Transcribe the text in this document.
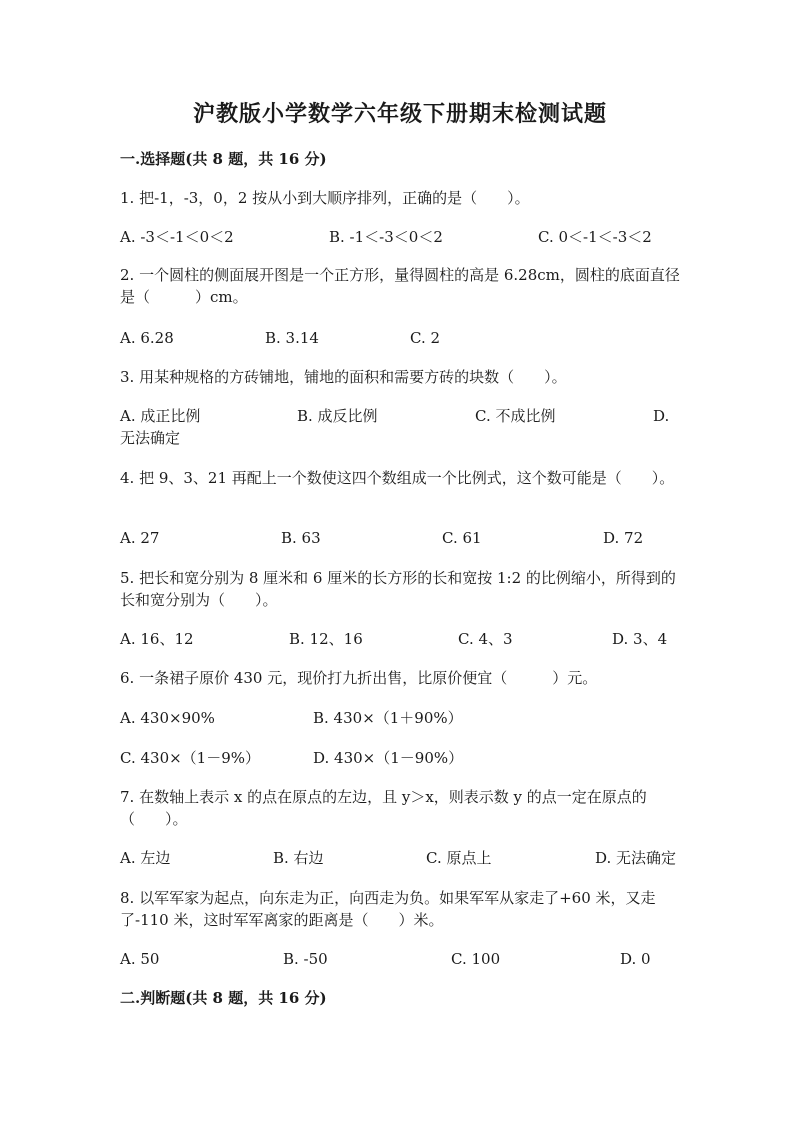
沪教版小学数学六年级下册期末检测试题
一.选择题(共 8 题，共 16 分)
1. 把-1，-3，0，2 按从小到大顺序排列，正确的是（　　）。
A. -3＜-1＜0＜2	B. -1＜-3＜0＜2	C. 0＜-1＜-3＜2
2. 一个圆柱的侧面展开图是一个正方形，量得圆柱的高是 6.28cm，圆柱的底面直径是（　　　）cm。
A. 6.28	B. 3.14	C. 2
3. 用某种规格的方砖铺地，铺地的面积和需要方砖的块数（　　）。
A. 成正比例	B. 成反比例	C. 不成比例	D.
无法确定
4. 把 9、3、21 再配上一个数使这四个数组成一个比例式，这个数可能是（　　）。
A. 27	B. 63	C. 61	D. 72
5. 把长和宽分别为 8 厘米和 6 厘米的长方形的长和宽按 1:2 的比例缩小，所得到的长和宽分别为（　　）。
A. 16、12	B. 12、16	C. 4、3	D. 3、4
6. 一条裙子原价 430 元，现价打九折出售，比原价便宜（　　　）元。
A. 430×90%	B. 430×（1＋90%）
C. 430×（1－9%）	D. 430×（1－90%）
7. 在数轴上表示 x 的点在原点的左边，且 y＞x，则表示数 y 的点一定在原点的（　　）。
A. 左边	B. 右边	C. 原点上	D. 无法确定
8. 以军军家为起点，向东走为正，向西走为负。如果军军从家走了+60 米，又走了-110 米，这时军军离家的距离是（　　）米。
A. 50	B. -50	C. 100	D. 0
二.判断题(共 8 题，共 16 分)
